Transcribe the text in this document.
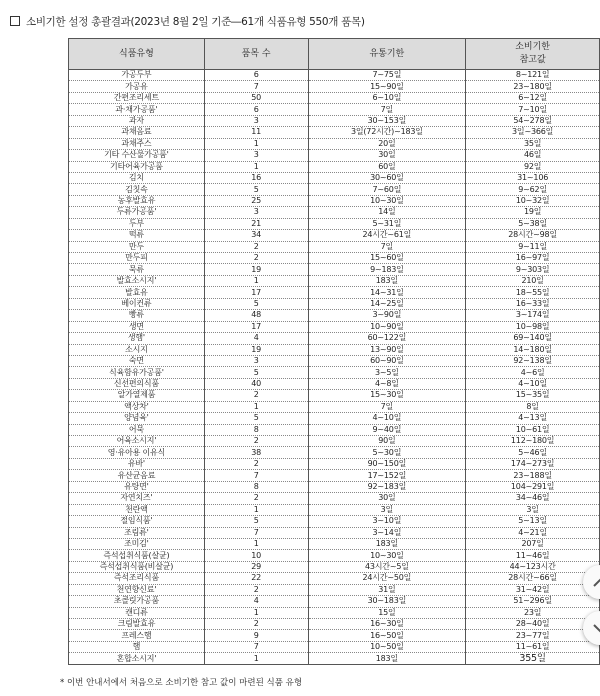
소비기한 설정 총괄결과(2023년 8월 2일 기준―61개 식품유형 550개 품목)
식품유형	품목 수	유통기한	소비기한
참고값
가공두부	6	7~75일	8~121일
가공유	7	15~90일	23~180일
간편조리세트	50	6~10일	6~12일
과·채가공품'	6	7일	7~10일
과자	3	30~153일	54~278일
과채음료	11	3일(72시간)~183일	3일~366일
과채주스	1	20일	35일
기타 수산물가공품'	3	30일	46일
기타어육가공품	1	60일	92일
김치	16	30~60일	31~106
김칫속	5	7~60일	9~62일
농후발효유	25	10~30일	10~32일
두류가공품'	3	14일	19일
두부	21	5~31일	5~38일
떡류	34	24시간~61일	28시간~98일
만두	2	7일	9~11일
만두피	2	15~60일	16~97일
묵류	19	9~183일	9~303일
발효소시지'	1	183일	210일
발효유	17	14~31일	18~55일
베이컨류	5	14~25일	16~33일
빵류	48	3~90일	3~174일
생면	17	10~90일	10~98일
생햄'	4	60~122일	69~140일
소시지	19	13~90일	14~180일
숙면	3	60~90일	92~138일
식육함유가공품'	5	3~5일	4~6일
신선편의식품	40	4~8일	4~10일
알가열제품	2	15~30일	15~35일
액상차'	1	7일	8일
양념육'	5	4~10일	4~13일
어묵	8	9~40일	10~61일
어육소시지'	2	90일	112~180일
영·유아용 이유식	38	5~30일	5~46일
유바'	2	90~150일	174~273일
유산균음료	7	17~152일	23~188일
유탕면'	8	92~183일	104~291일
자연치즈'	2	30일	34~46일
천란액	1	3일	3일
절임식품'	5	3~10일	5~13일
조림류'	7	3~14일	4~21일
조미김'	1	183일	207일
즉석섭취식품(살균)	10	10~30일	11~46일
즉석섭취식품(비살균)	29	43시간~5일	44~123시간
즉석조리식품	22	24시간~50일	28시간~66일
천연향신료'	2	31일	31~42일
초콜릿가공품	4	30~183일	51~296일
캔디류	1	15일	23일
크림발효유	2	16~30일	28~40일
프레스햄	9	16~50일	23~77일
햄	7	10~50일	11~61일
혼합소시지'	1	183일	355일
* 이번 안내서에서 처음으로 소비기한 참고 값이 마련된 식품 유형
